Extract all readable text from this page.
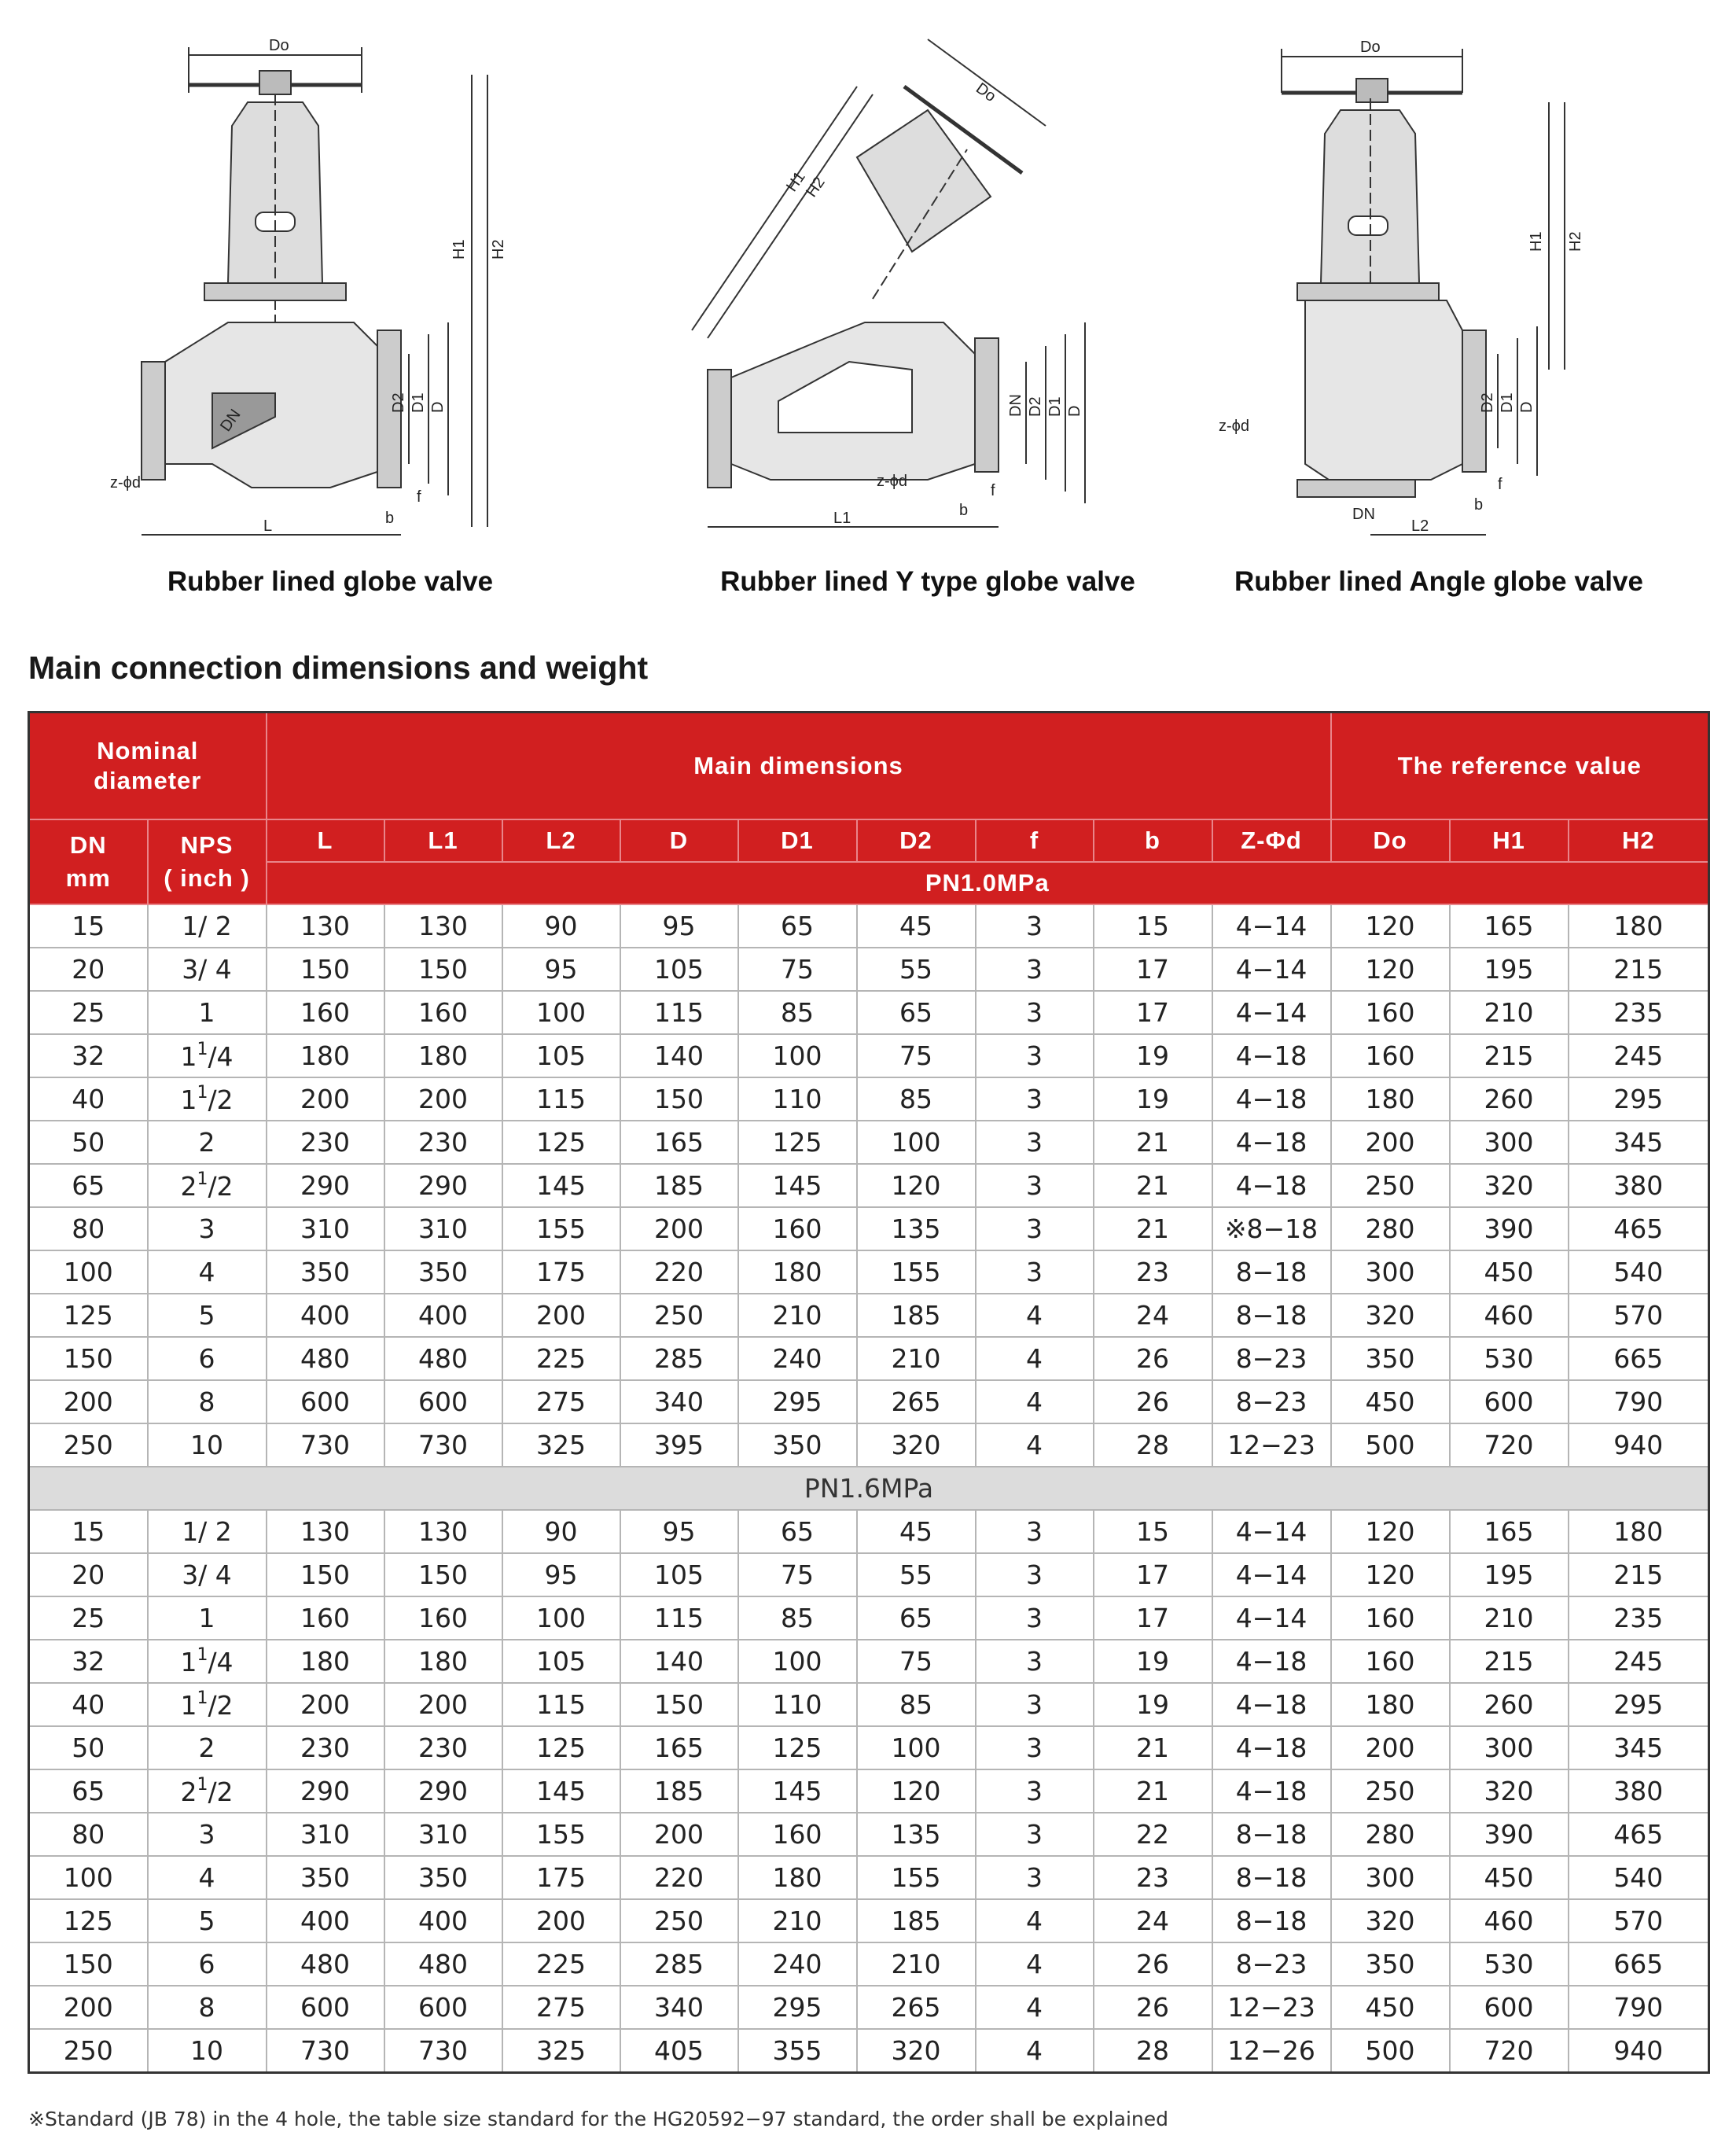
Do
H1 H2
D2 D1 D
DN
z-ϕd
f
b
L
Rubber lined globe valve
Do
H1
H2
DN D2 D1 D
z-ϕd
f
b
L1
Rubber lined Y type globe valve
Do
H1 H2
D2 D1 D
z-ϕd
f
b
DN
L2
Rubber lined Angle globe valve
Main connection dimensions and weight
Nominal
diameter		Main dimensions									The reference value		
DN
mm	NPS
( inch )	L	L1	L2	D	D1	D2	f	b	Z-Φd	Do	H1	H2
		PN1.0MPa											
15	1/ 2	130	130	90	95	65	45	3	15	4−14	120	165	180
20	3/ 4	150	150	95	105	75	55	3	17	4−14	120	195	215
25	1	160	160	100	115	85	65	3	17	4−14	160	210	235
32	$1^1/4$	180	180	105	140	100	75	3	19	4−18	160	215	245
40	$1^1/2$	200	200	115	150	110	85	3	19	4−18	180	260	295
50	2	230	230	125	165	125	100	3	21	4−18	200	300	345
65	$2^1/2$	290	290	145	185	145	120	3	21	4−18	250	320	380
80	3	310	310	155	200	160	135	3	21	※8−18	280	390	465
100	4	350	350	175	220	180	155	3	23	8−18	300	450	540
125	5	400	400	200	250	210	185	4	24	8−18	320	460	570
150	6	480	480	225	285	240	210	4	26	8−23	350	530	665
200	8	600	600	275	340	295	265	4	26	8−23	450	600	790
250	10	730	730	325	395	350	320	4	28	12−23	500	720	940
PN1.6MPa													
15	1/ 2	130	130	90	95	65	45	3	15	4−14	120	165	180
20	3/ 4	150	150	95	105	75	55	3	17	4−14	120	195	215
25	1	160	160	100	115	85	65	3	17	4−14	160	210	235
32	$1^1/4$	180	180	105	140	100	75	3	19	4−18	160	215	245
40	$1^1/2$	200	200	115	150	110	85	3	19	4−18	180	260	295
50	2	230	230	125	165	125	100	3	21	4−18	200	300	345
65	$2^1/2$	290	290	145	185	145	120	3	21	4−18	250	320	380
80	3	310	310	155	200	160	135	3	22	8−18	280	390	465
100	4	350	350	175	220	180	155	3	23	8−18	300	450	540
125	5	400	400	200	250	210	185	4	24	8−18	320	460	570
150	6	480	480	225	285	240	210	4	26	8−23	350	530	665
200	8	600	600	275	340	295	265	4	26	12−23	450	600	790
250	10	730	730	325	405	355	320	4	28	12−26	500	720	940
※Standard (JB 78) in the 4 hole, the table size standard for the HG20592−97 standard, the order shall be explained
